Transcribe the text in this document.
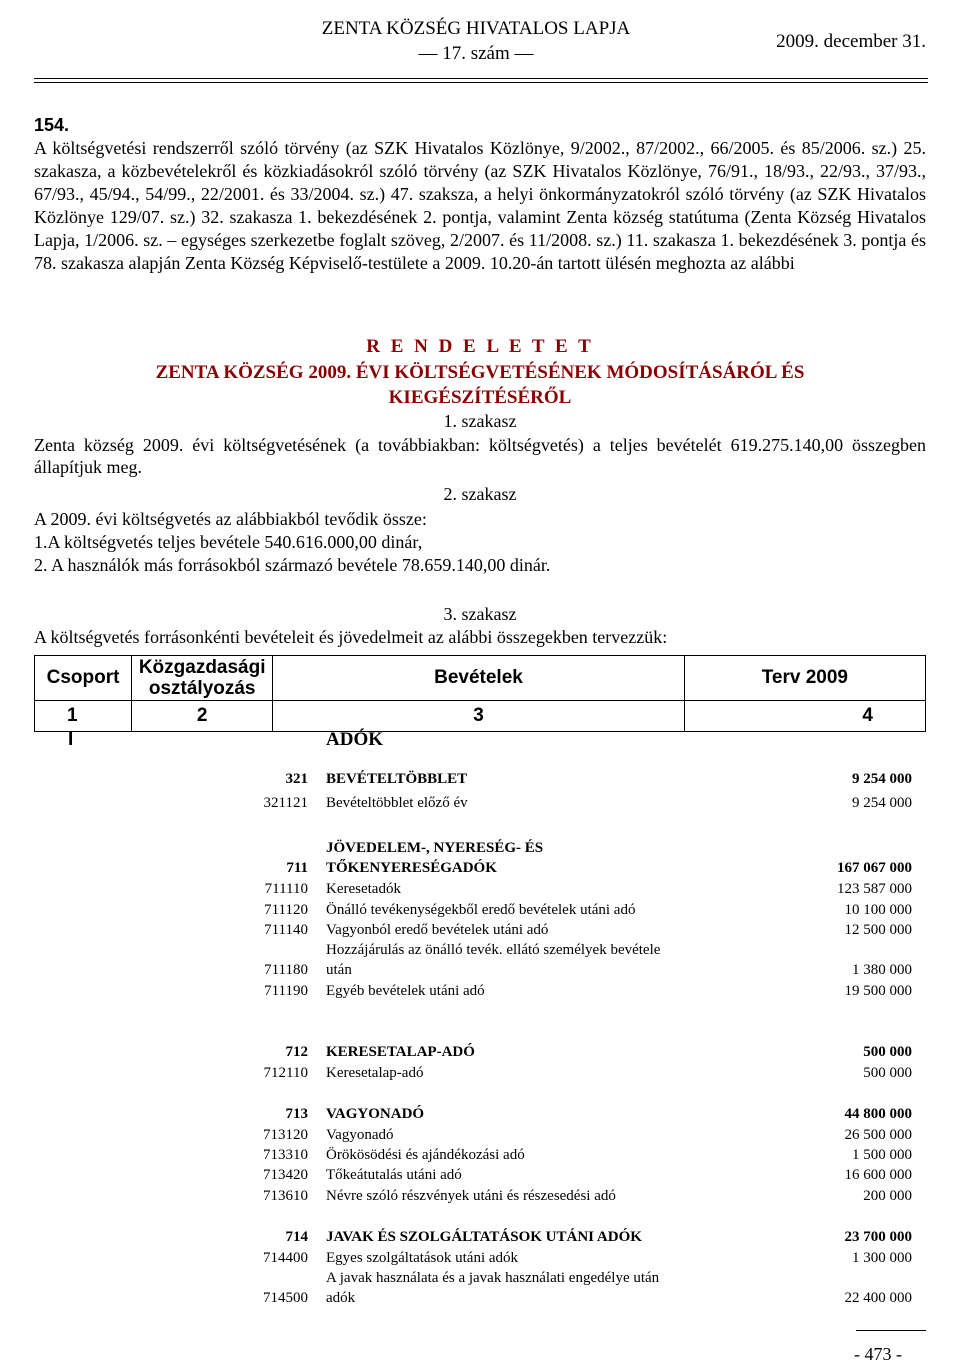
ZENTA KÖZSÉG HIVATALOS LAPJA
— 17. szám —
2009. december 31.
154.
A költségvetési rendszerről szóló törvény (az SZK Hivatalos Közlönye, 9/2002., 87/2002., 66/2005. és 85/2006. sz.) 25. szakasza, a közbevételekről és közkiadásokról szóló törvény (az SZK Hivatalos Közlönye, 76/91., 18/93., 22/93., 37/93., 67/93., 45/94., 54/99., 22/2001. és 33/2004. sz.) 47. szaksza, a helyi önkormányzatokról szóló törvény (az SZK Hivatalos Közlönye 129/07. sz.) 32. szakasza 1. bekezdésének 2. pontja, valamint Zenta község statútuma (Zenta Község Hivatalos Lapja, 1/2006. sz. – egységes szerkezetbe foglalt szöveg, 2/2007. és 11/2008. sz.) 11. szakasza 1. bekezdésének 3. pontja és 78. szakasza alapján Zenta Község Képviselő-testülete a 2009. 10.20-án tartott ülésén meghozta az alábbi
R E N D E L E T E T
ZENTA KÖZSÉG 2009. ÉVI KÖLTSÉGVETÉSÉNEK MÓDOSÍTÁSÁRÓL ÉS
KIEGÉSZÍTÉSÉRŐL
1. szakasz
Zenta község 2009. évi költségvetésének (a továbbiakban: költségvetés) a teljes bevételét 619.275.140,00 összegben állapítjuk meg.
2. szakasz
A 2009. évi költségvetés az alábbiakból tevődik össze:
1.A költségvetés teljes bevétele 540.616.000,00 dinár,
2. A használók más forrásokból származó bevétele 78.659.140,00 dinár.
3. szakasz
A költségvetés forrásonkénti bevételeit és jövedelmeit az alábbi összegekben tervezzük:
Csoport	Közgazdasági osztályozás	Bevételek	Terv 2009
1	2	3	4
I	ADÓK
321 BEVÉTELTÖBBLET	9 254 000
321121 Bevételtöbblet előző év	9 254 000
711
JÖVEDELEM-, NYERESÉG- ÉS
TŐKENYERESÉGADÓK	167 067 000
711110 Keresetadók	123 587 000
711120 Önálló tevékenységekből eredő bevételek utáni adó	10 100 000
711140 Vagyonból eredő bevételek utáni adó	12 500 000
711180
Hozzájárulás az önálló tevék. ellátó személyek bevétele
után	1 380 000
711190 Egyéb bevételek utáni adó	19 500 000
712 KERESETALAP-ADÓ	500 000
712110 Keresetalap-adó	500 000
713 VAGYONADÓ	44 800 000
713120 Vagyonadó	26 500 000
713310 Örökösödési és ajándékozási adó	1 500 000
713420 Tőkeátutalás utáni adó	16 600 000
713610 Névre szóló részvények utáni és részesedési adó	200 000
714 JAVAK ÉS SZOLGÁLTATÁSOK UTÁNI ADÓK	23 700 000
714400 Egyes szolgáltatások utáni adók	1 300 000
714500
A javak használata és a javak használati engedélye után
adók	22 400 000
- 473 -
